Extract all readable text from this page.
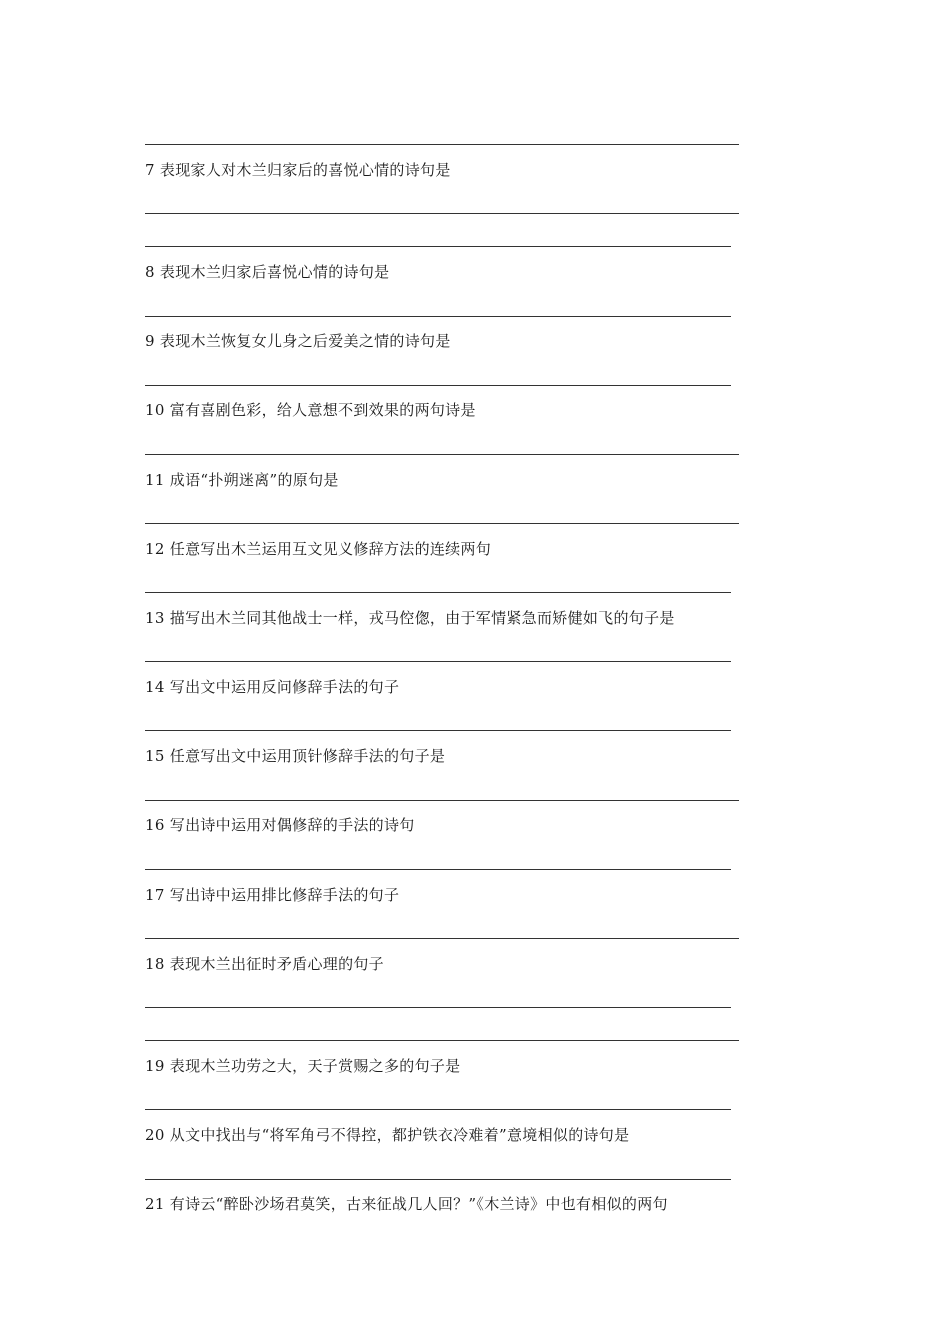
7 表现家人对木兰归家后的喜悦心情的诗句是
8 表现木兰归家后喜悦心情的诗句是
9 表现木兰恢复女儿身之后爱美之情的诗句是
10 富有喜剧色彩，给人意想不到效果的两句诗是
11 成语“扑朔迷离”的原句是
12 任意写出木兰运用互文见义修辞方法的连续两句
13 描写出木兰同其他战士一样，戎马倥偬，由于军情紧急而矫健如飞的句子是
14 写出文中运用反问修辞手法的句子
15 任意写出文中运用顶针修辞手法的句子是
16 写出诗中运用对偶修辞的手法的诗句
17 写出诗中运用排比修辞手法的句子
18 表现木兰出征时矛盾心理的句子
19 表现木兰功劳之大，天子赏赐之多的句子是
20 从文中找出与“将军角弓不得控，都护铁衣冷难着”意境相似的诗句是
21 有诗云“醉卧沙场君莫笑，古来征战几人回？”《木兰诗》中也有相似的两句
